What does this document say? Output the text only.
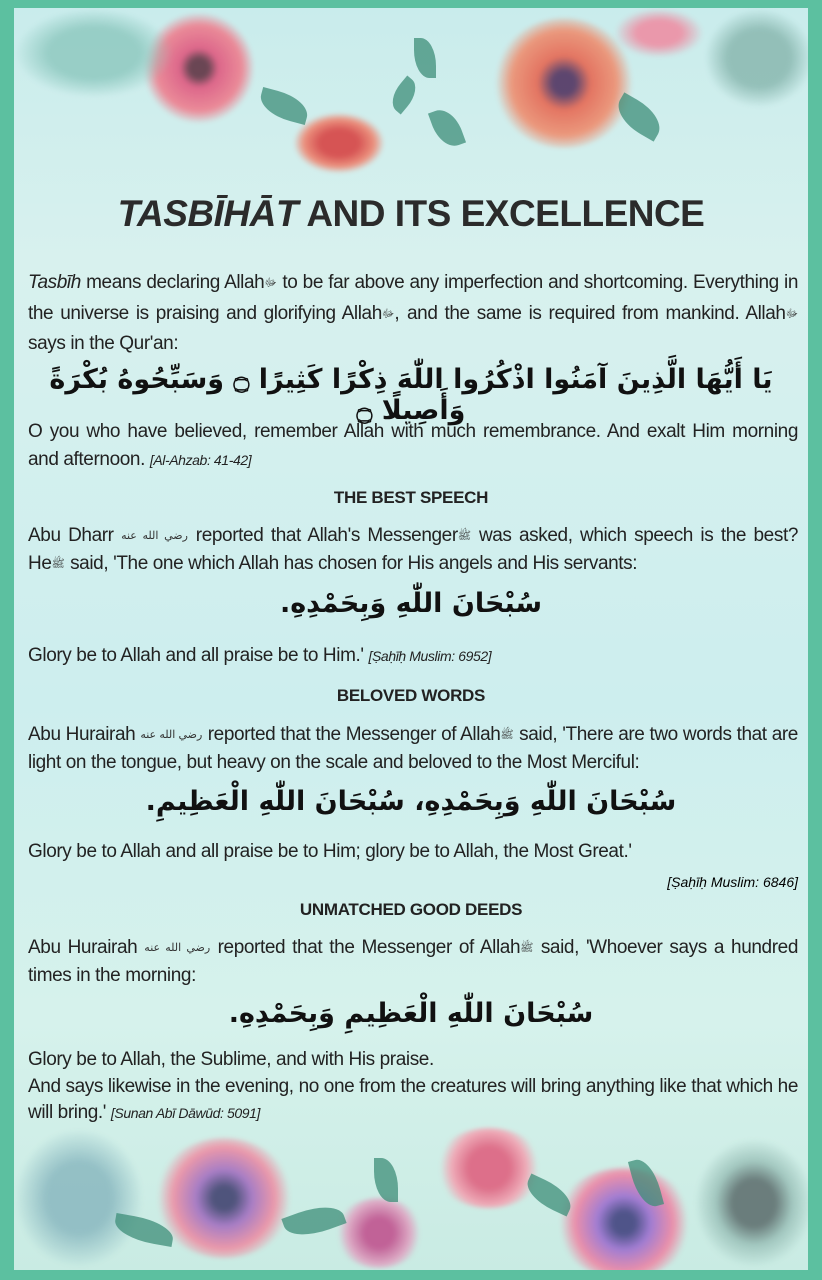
TASBĪHĀT AND ITS EXCELLENCE

Tasbīh means declaring Allahﷻ to be far above any imperfection and shortcoming. Everything in the universe is praising and glorifying Allahﷻ, and the same is required from mankind. Allahﷻ says in the Qur'an:

يَا أَيُّهَا الَّذِينَ آمَنُوا اذْكُرُوا اللّٰهَ ذِكْرًا كَثِيرًا ۝ وَسَبِّحُوهُ بُكْرَةً وَأَصِيلًا ۝

O you who have believed, remember Allah with much remembrance. And exalt Him morning and afternoon. [Al-Ahzab: 41-42]

THE BEST SPEECH

Abu Dharr رضي الله عنه reported that Allah's Messengerﷺ was asked, which speech is the best? Heﷺ said, 'The one which Allah has chosen for His angels and His servants:

سُبْحَانَ اللّٰهِ وَبِحَمْدِهِ.

Glory be to Allah and all praise be to Him.' [Ṣaḥīḥ Muslim: 6952]

BELOVED WORDS

Abu Hurairah رضي الله عنه reported that the Messenger of Allahﷺ said, 'There are two words that are light on the tongue, but heavy on the scale and beloved to the Most Merciful:

سُبْحَانَ اللّٰهِ وَبِحَمْدِهِ، سُبْحَانَ اللّٰهِ الْعَظِيمِ.

Glory be to Allah and all praise be to Him; glory be to Allah, the Most Great.'

[Ṣaḥīḥ Muslim: 6846]
UNMATCHED GOOD DEEDS

Abu Hurairah رضي الله عنه reported that the Messenger of Allahﷺ said, 'Whoever says a hundred times in the morning:

سُبْحَانَ اللّٰهِ الْعَظِيمِ وَبِحَمْدِهِ.

Glory be to Allah, the Sublime, and with His praise.

And says likewise in the evening, no one from the creatures will bring anything like that which he will bring.' [Sunan Abī Dāwūd: 5091]
